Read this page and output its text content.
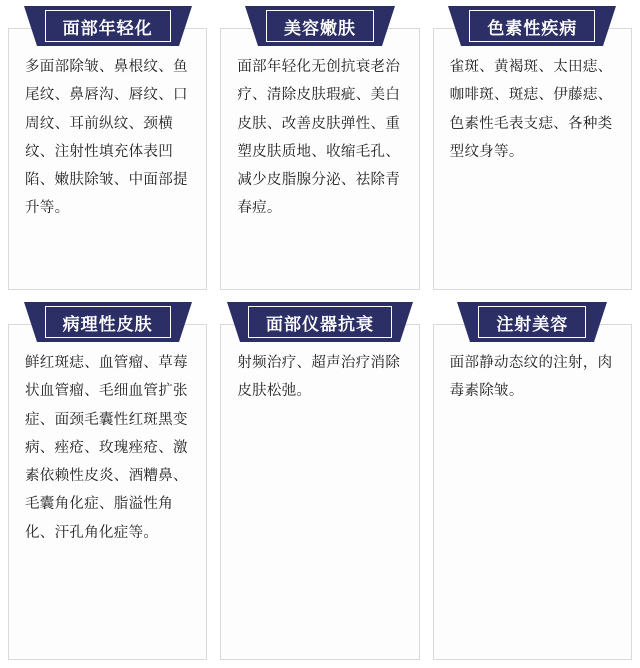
面部年轻化
多面部除皱、鼻根纹、鱼尾纹、鼻唇沟、唇纹、口周纹、耳前纵纹、颈横纹、注射性填充体表凹陷、嫩肤除皱、中面部提升等。
美容嫩肤
面部年轻化无创抗衰老治疗、清除皮肤瑕疵、美白皮肤、改善皮肤弹性、重塑皮肤质地、收缩毛孔、减少皮脂腺分泌、祛除青春痘。
色素性疾病
雀斑、黄褐斑、太田痣、咖啡斑、斑痣、伊藤痣、色素性毛表支痣、各种类型纹身等。
病理性皮肤
鲜红斑痣、血管瘤、草莓状血管瘤、毛细血管扩张症、面颈毛囊性红斑黑变病、痤疮、玫瑰痤疮、激素依赖性皮炎、酒糟鼻、毛囊角化症、脂溢性角化、汗孔角化症等。
面部仪器抗衰
射频治疗、超声治疗消除皮肤松弛。
注射美容
面部静动态纹的注射，肉毒素除皱。
